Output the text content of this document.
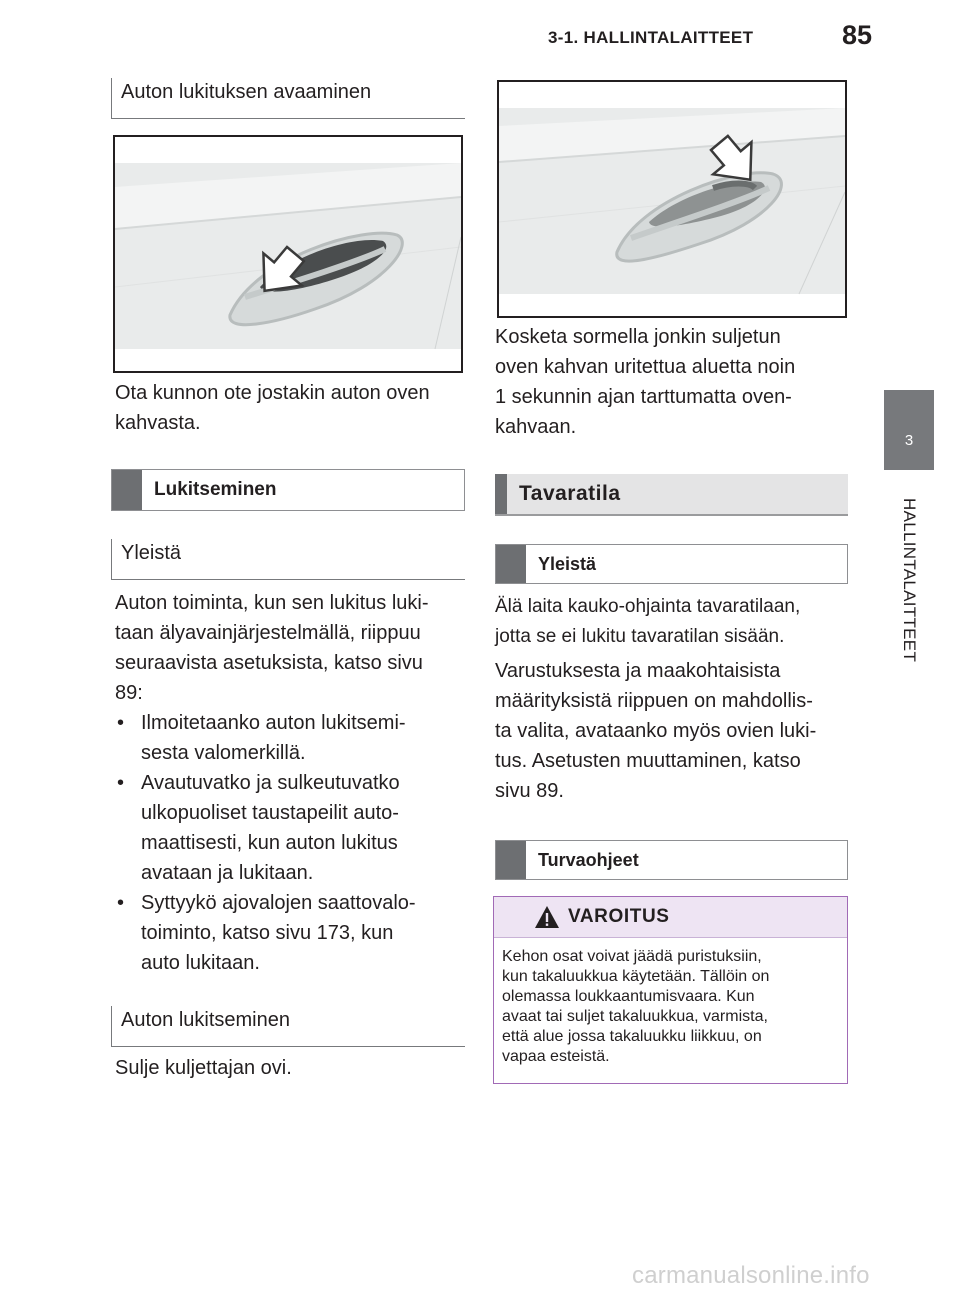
3-1. HALLINTALAITTEET	85
3
HALLINTALAITTEET
Auton lukituksen avaaminen
Ota kunnon ote jostakin auton oven
kahvasta.
Lukitseminen
Yleistä
Auton toiminta, kun sen lukitus luki-
taan älyavainjärjestelmällä, riippuu
seuraavista asetuksista, katso sivu
89:
• Ilmoitetaanko auton lukitsemi-
sesta valomerkillä.
• Avautuvatko ja sulkeutuvatko
ulkopuoliset taustapeilit auto-
maattisesti, kun auton lukitus
avataan ja lukitaan.
• Syttyykö ajovalojen saattovalo-
toiminto, katso sivu 173, kun
auto lukitaan.
Auton lukitseminen
Sulje kuljettajan ovi.
Kosketa sormella jonkin suljetun
oven kahvan uritettua aluetta noin
1 sekunnin ajan tarttumatta oven-
kahvaan.
Tavaratila
Yleistä
Älä laita kauko-ohjainta tavaratilaan,
jotta se ei lukitu tavaratilan sisään.
Varustuksesta ja maakohtaisista
määrityksistä riippuen on mahdollis-
ta valita, avataanko myös ovien luki-
tus. Asetusten muuttaminen, katso
sivu 89.
Turvaohjeet
VAROITUS
Kehon osat voivat jäädä puristuksiin,
kun takaluukkua käytetään. Tällöin on
olemassa loukkaantumisvaara. Kun
avaat tai suljet takaluukkua, varmista,
että alue jossa takaluukku liikkuu, on
vapaa esteistä.
carmanualsonline.info
